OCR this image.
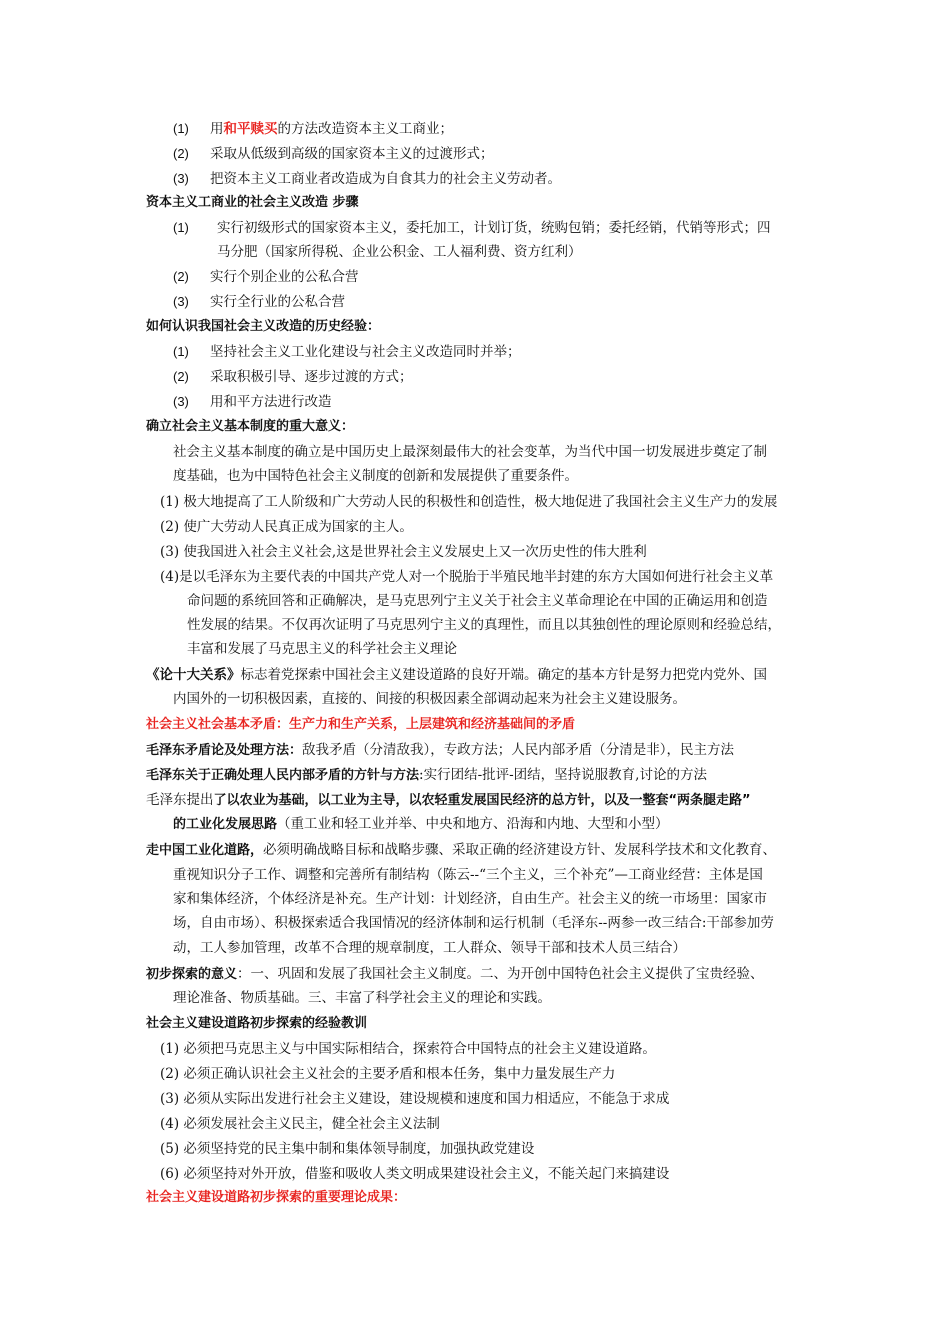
(1) 用和平赎买的方法改造资本主义工商业；
(2) 采取从低级到高级的国家资本主义的过渡形式；
(3) 把资本主义工商业者改造成为自食其力的社会主义劳动者。
资本主义工商业的社会主义改造 步骤
(1) 实行初级形式的国家资本主义，委托加工，计划订货，统购包销；委托经销，代销等形式；四
马分肥（国家所得税、企业公积金、工人福利费、资方红利）
(2) 实行个别企业的公私合营
(3) 实行全行业的公私合营
如何认识我国社会主义改造的历史经验：
(1) 坚持社会主义工业化建设与社会主义改造同时并举；
(2) 采取积极引导、逐步过渡的方式；
(3) 用和平方法进行改造
确立社会主义基本制度的重大意义：
社会主义基本制度的确立是中国历史上最深刻最伟大的社会变革，为当代中国一切发展进步奠定了制
度基础，也为中国特色社会主义制度的创新和发展提供了重要条件。
(1) 极大地提高了工人阶级和广大劳动人民的积极性和创造性，极大地促进了我国社会主义生产力的发展
(2) 使广大劳动人民真正成为国家的主人。
(3) 使我国进入社会主义社会,这是世界社会主义发展史上又一次历史性的伟大胜利
(4)是以毛泽东为主要代表的中国共产党人对一个脱胎于半殖民地半封建的东方大国如何进行社会主义革
命问题的系统回答和正确解决，是马克思列宁主义关于社会主义革命理论在中国的正确运用和创造
性发展的结果。不仅再次证明了马克思列宁主义的真理性，而且以其独创性的理论原则和经验总结，
丰富和发展了马克思主义的科学社会主义理论
《论十大关系》标志着党探索中国社会主义建设道路的良好开端。确定的基本方针是努力把党内党外、国
内国外的一切积极因素，直接的、间接的积极因素全部调动起来为社会主义建设服务。
社会主义社会基本矛盾：生产力和生产关系，上层建筑和经济基础间的矛盾
毛泽东矛盾论及处理方法：敌我矛盾（分清敌我），专政方法；人民内部矛盾（分清是非），民主方法
毛泽东关于正确处理人民内部矛盾的方针与方法:实行团结-批评-团结，坚持说服教育,讨论的方法
毛泽东提出了以农业为基础，以工业为主导，以农轻重发展国民经济的总方针，以及一整套“两条腿走路”
的工业化发展思路（重工业和轻工业并举、中央和地方、沿海和内地、大型和小型）
走中国工业化道路，必须明确战略目标和战略步骤、采取正确的经济建设方针、发展科学技术和文化教育、
重视知识分子工作、调整和完善所有制结构（陈云--“三个主义，三个补充”—工商业经营：主体是国
家和集体经济，个体经济是补充。生产计划：计划经济，自由生产。社会主义的统一市场里：国家市
场，自由市场）、积极探索适合我国情况的经济体制和运行机制（毛泽东--两参一改三结合:干部参加劳
动，工人参加管理，改革不合理的规章制度，工人群众、领导干部和技术人员三结合）
初步探索的意义：一、巩固和发展了我国社会主义制度。二、为开创中国特色社会主义提供了宝贵经验、
理论准备、物质基础。三、丰富了科学社会主义的理论和实践。
社会主义建设道路初步探索的经验教训
(1) 必须把马克思主义与中国实际相结合，探索符合中国特点的社会主义建设道路。
(2) 必须正确认识社会主义社会的主要矛盾和根本任务，集中力量发展生产力
(3) 必须从实际出发进行社会主义建设，建设规模和速度和国力相适应，不能急于求成
(4) 必须发展社会主义民主，健全社会主义法制
(5) 必须坚持党的民主集中制和集体领导制度，加强执政党建设
(6) 必须坚持对外开放，借鉴和吸收人类文明成果建设社会主义，不能关起门来搞建设
社会主义建设道路初步探索的重要理论成果：
